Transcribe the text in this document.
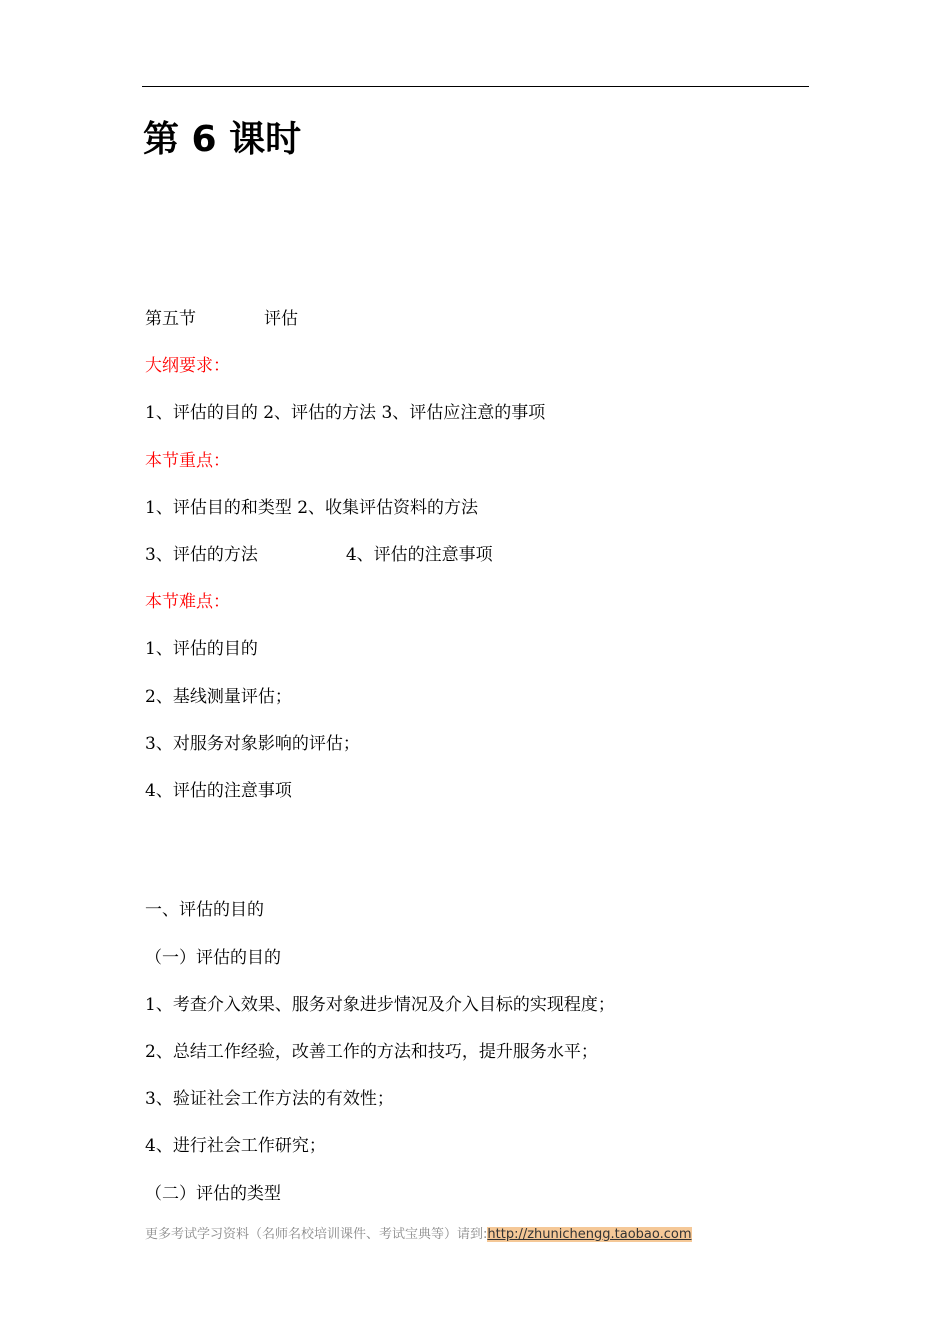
第 6 课时

第五节	评估

大纲要求：

1、评估的目的 2、评估的方法 3、评估应注意的事项

本节重点：

1、评估目的和类型 2、收集评估资料的方法

3、评估的方法	4、评估的注意事项

本节难点：

1、评估的目的

2、基线测量评估；

3、对服务对象影响的评估；

4、评估的注意事项

一、评估的目的

（一）评估的目的

1、考查介入效果、服务对象进步情况及介入目标的实现程度；

2、总结工作经验，改善工作的方法和技巧，提升服务水平；

3、验证社会工作方法的有效性；

4、进行社会工作研究；

（二）评估的类型

更多考试学习资料（名师名校培训课件、考试宝典等）请到:http://zhunichengg.taobao.com
